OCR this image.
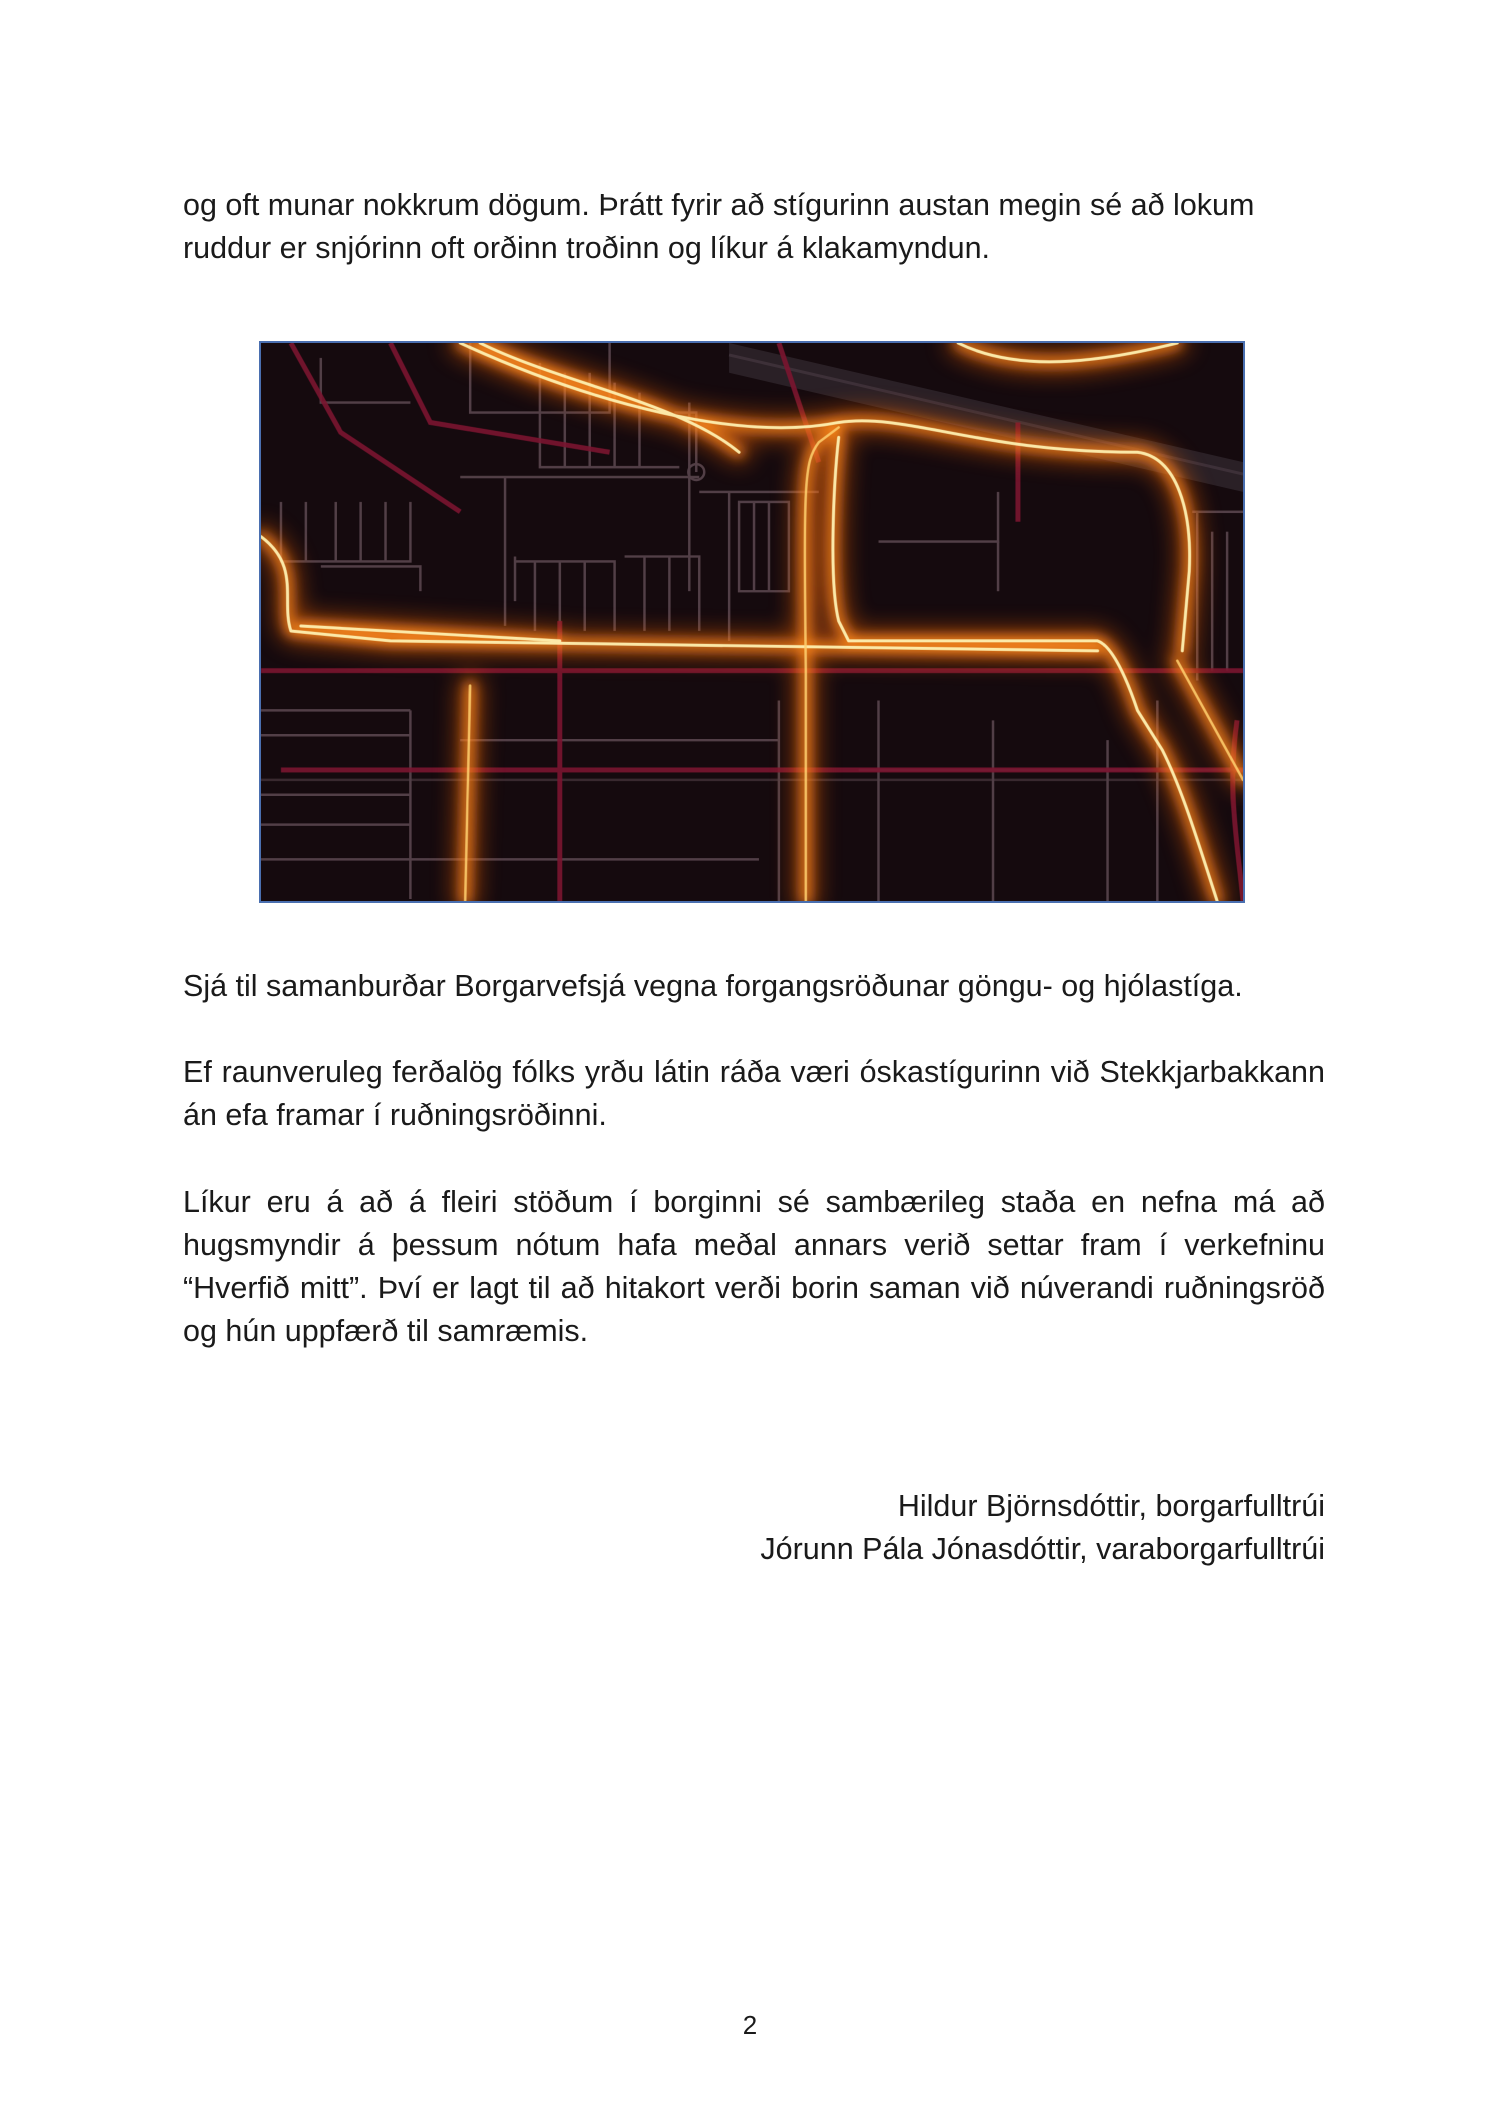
og oft munar nokkrum dögum. Þrátt fyrir að stígurinn austan megin sé að lokum ruddur er snjórinn oft orðinn troðinn og líkur á klakamyndun.

Sjá til samanburðar Borgarvefsjá vegna forgangsröðunar göngu- og hjólastíga.

Ef raunveruleg ferðalög fólks yrðu látin ráða væri óskastígurinn við Stekkjarbakkann án efa framar í ruðningsröðinni.

Líkur eru á að á fleiri stöðum í borginni sé sambærileg staða en nefna má að hugsmyndir á þessum nótum hafa meðal annars verið settar fram í verkefninu “Hverfið mitt”. Því er lagt til að hitakort verði borin saman við núverandi ruðningsröð og hún uppfærð til samræmis.

Hildur Björnsdóttir, borgarfulltrúi

Jórunn Pála Jónasdóttir, varaborgarfulltrúi

2
